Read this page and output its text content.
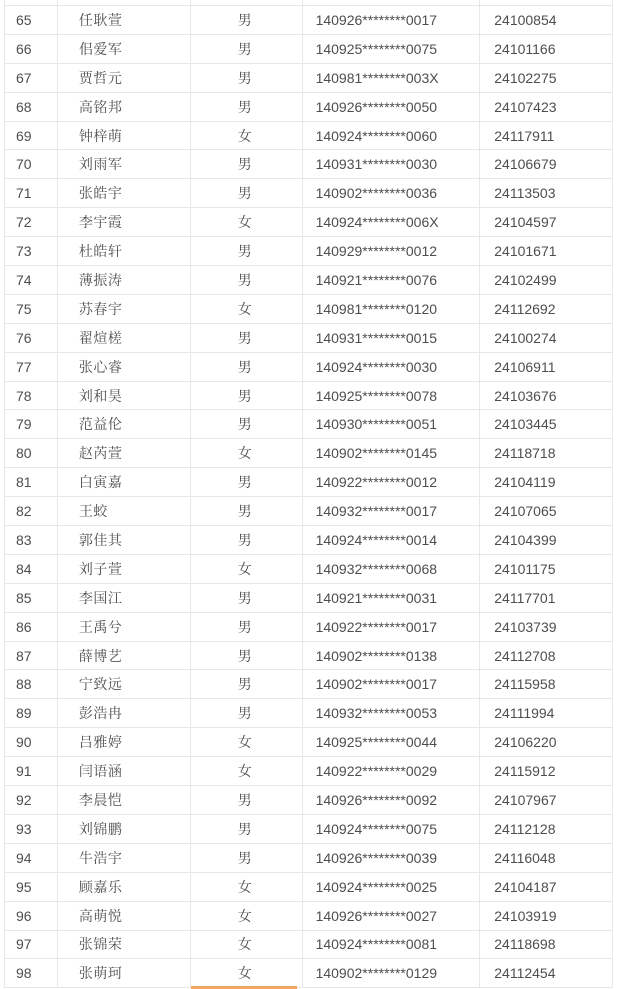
65	任耿萱	男	140926********0017	24100854
66	佀爱军	男	140925********0075	24101166
67	贾哲元	男	140981********003X	24102275
68	高铭邦	男	140926********0050	24107423
69	钟梓萌	女	140924********0060	24117911
70	刘雨军	男	140931********0030	24106679
71	张皓宇	男	140902********0036	24113503
72	李宇霞	女	140924********006X	24104597
73	杜皓轩	男	140929********0012	24101671
74	薄振涛	男	140921********0076	24102499
75	苏春宇	女	140981********0120	24112692
76	翟煊槎	男	140931********0015	24100274
77	张心睿	男	140924********0030	24106911
78	刘和昊	男	140925********0078	24103676
79	范益伦	男	140930********0051	24103445
80	赵芮萱	女	140902********0145	24118718
81	白寅嘉	男	140922********0012	24104119
82	王蛟	男	140932********0017	24107065
83	郭佳其	男	140924********0014	24104399
84	刘子萱	女	140932********0068	24101175
85	李国江	男	140921********0031	24117701
86	王禹兮	男	140922********0017	24103739
87	薛博艺	男	140902********0138	24112708
88	宁致远	男	140902********0017	24115958
89	彭浩冉	男	140932********0053	24111994
90	吕雅婷	女	140925********0044	24106220
91	闫语涵	女	140922********0029	24115912
92	李晨恺	男	140926********0092	24107967
93	刘锦鹏	男	140924********0075	24112128
94	牛浩宇	男	140926********0039	24116048
95	顾嘉乐	女	140924********0025	24104187
96	高萌悦	女	140926********0027	24103919
97	张锦荣	女	140924********0081	24118698
98	张萌珂	女	140902********0129	24112454
